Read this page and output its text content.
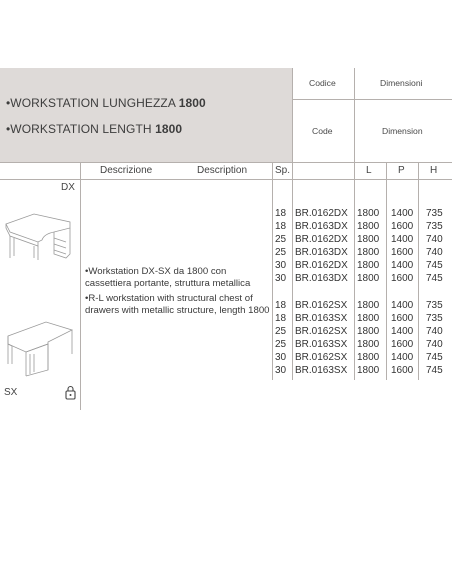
•WORKSTATION LUNGHEZZA 1800
•WORKSTATION LENGTH 1800
Codice	Dimensioni
Code	Dimension
Descrizione	Description	Sp.	L	P	H
DX
SX
•Workstation DX-SX da 1800 con cassettiera portante, struttura metallica
•R-L workstation with structural chest of drawers with metallic structure, length 1800
18 BR.0162DX 1800 1400 735
18 BR.0163DX 1800 1600 735
25 BR.0162DX 1800 1400 740
25 BR.0163DX 1800 1600 740
30 BR.0162DX 1800 1400 745
30 BR.0163DX 1800 1600 745
18 BR.0162SX 1800 1400 735
18 BR.0163SX 1800 1600 735
25 BR.0162SX 1800 1400 740
25 BR.0163SX 1800 1600 740
30 BR.0162SX 1800 1400 745
30 BR.0163SX 1800 1600 745
